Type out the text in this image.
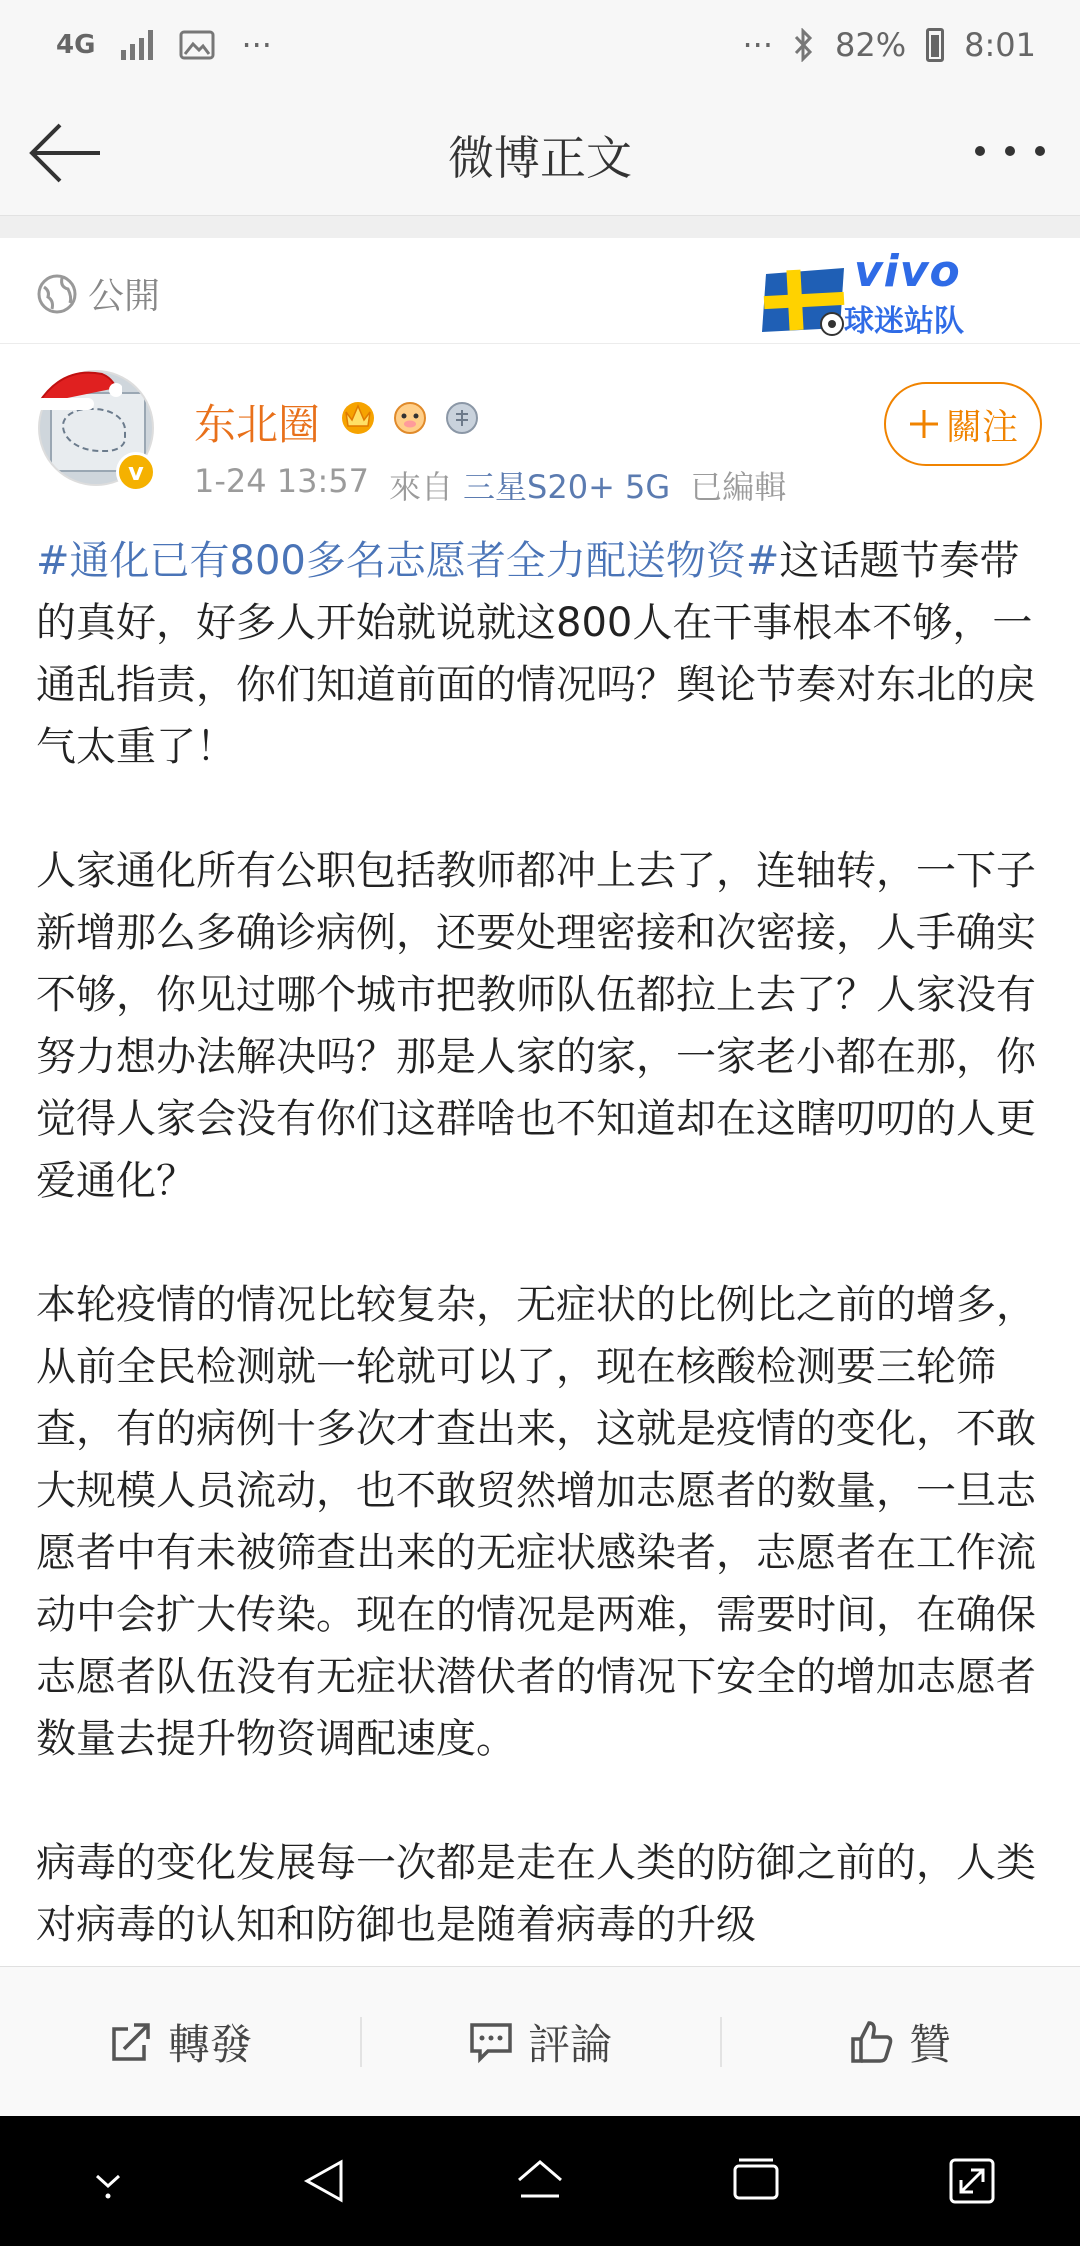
4G	···	··· 82% 8:01
微博正文
公開	vivo
球迷站队
v
东北圈
1-24 13:57 來自 三星S20+ 5G 已編輯
關注

#通化已有800多名志愿者全力配送物资#这话题节奏带的真好，好多人开始就说就这800人在干事根本不够，一通乱指责，你们知道前面的情况吗？舆论节奏对东北的戾气太重了！

人家通化所有公职包括教师都冲上去了，连轴转，一下子新增那么多确诊病例，还要处理密接和次密接，人手确实不够，你见过哪个城市把教师队伍都拉上去了？人家没有努力想办法解决吗？那是人家的家，一家老小都在那，你觉得人家会没有你们这群啥也不知道却在这瞎叨叨的人更爱通化？

本轮疫情的情况比较复杂，无症状的比例比之前的增多，从前全民检测就一轮就可以了，现在核酸检测要三轮筛查，有的病例十多次才查出来，这就是疫情的变化，不敢大规模人员流动，也不敢贸然增加志愿者的数量，一旦志愿者中有未被筛查出来的无症状感染者，志愿者在工作流动中会扩大传染。现在的情况是两难，需要时间，在确保志愿者队伍没有无症状潜伏者的情况下安全的增加志愿者数量去提升物资调配速度。

病毒的变化发展每一次都是走在人类的防御之前的，人类对病毒的认知和防御也是随着病毒的升级

轉發	評論	贊
